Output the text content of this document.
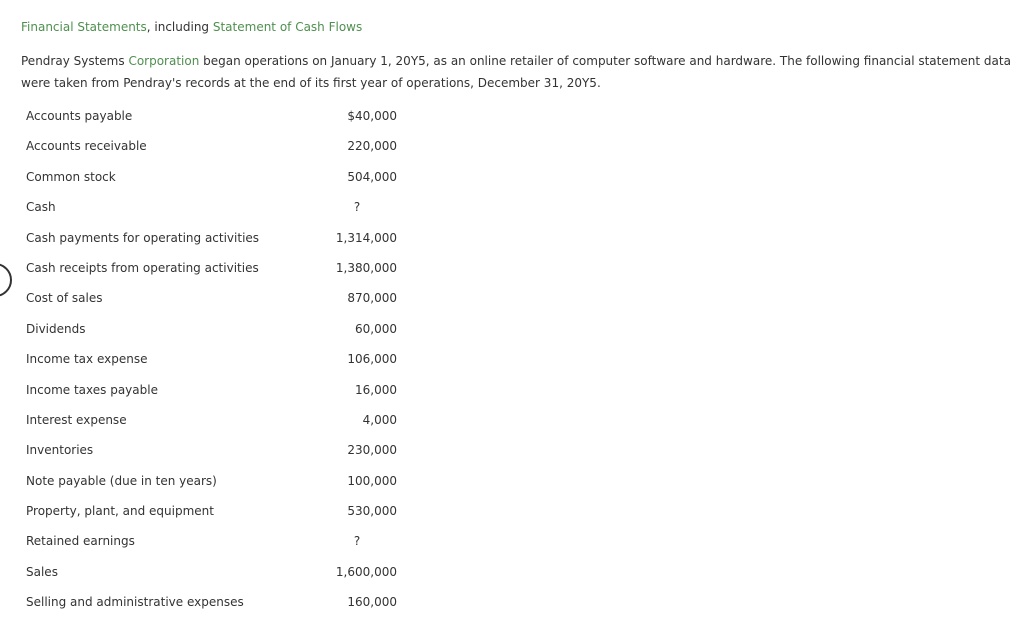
Financial Statements, including Statement of Cash Flows
Pendray Systems Corporation began operations on January 1, 20Y5, as an online retailer of computer software and hardware. The following financial statement data were taken from Pendray's records at the end of its first year of operations, December 31, 20Y5.
Accounts payable	$40,000
Accounts receivable	220,000
Common stock	504,000
Cash	?
Cash payments for operating activities	1,314,000
Cash receipts from operating activities	1,380,000
Cost of sales	870,000
Dividends	60,000
Income tax expense	106,000
Income taxes payable	16,000
Interest expense	4,000
Inventories	230,000
Note payable (due in ten years)	100,000
Property, plant, and equipment	530,000
Retained earnings	?
Sales	1,600,000
Selling and administrative expenses	160,000
